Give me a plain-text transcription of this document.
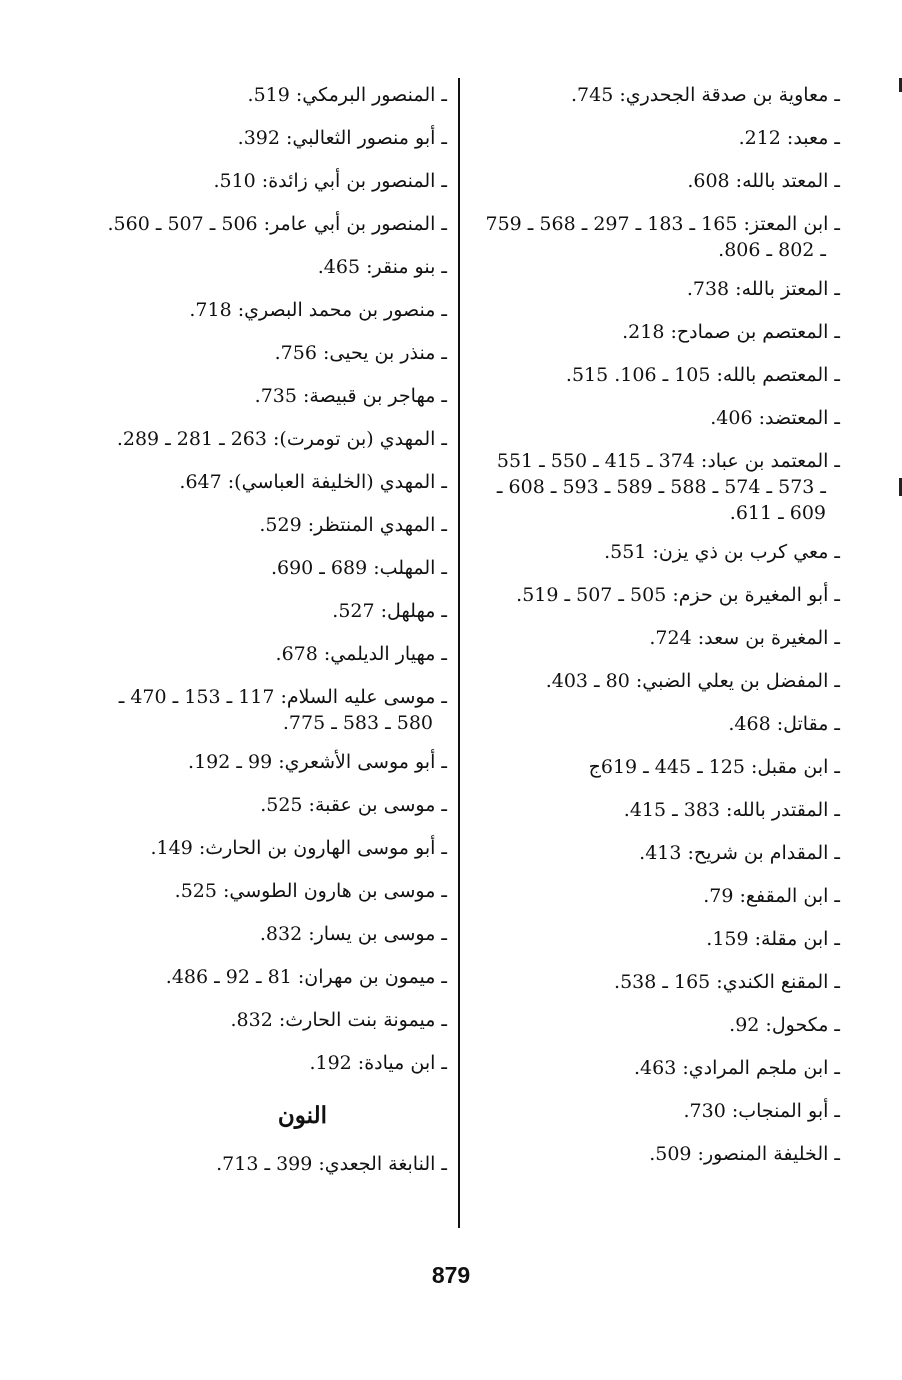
ـ معاوية بن صدقة الجحدري: 745.
ـ معبد: 212.
ـ المعتد بالله: 608.
ـ ابن المعتز: 165 ـ 183 ـ 297 ـ 568 ـ 759
ـ 802 ـ 806.
ـ المعتز بالله: 738.
ـ المعتصم بن صمادح: 218.
ـ المعتصم بالله: 105 ـ 106. 515.
ـ المعتضد: 406.
ـ المعتمد بن عباد: 374 ـ 415 ـ 550 ـ 551
ـ 573 ـ 574 ـ 588 ـ 589 ـ 593 ـ 608 ـ 609 ـ 611.
ـ معي كرب بن ذي يزن: 551.
ـ أبو المغيرة بن حزم: 505 ـ 507 ـ 519.
ـ المغيرة بن سعد: 724.
ـ المفضل بن يعلي الضبي: 80 ـ 403.
ـ مقاتل: 468.
ـ ابن مقبل: 125 ـ 445 ـ 619ج
ـ المقتدر بالله: 383 ـ 415.
ـ المقدام بن شريح: 413.
ـ ابن المقفع: 79.
ـ ابن مقلة: 159.
ـ المقنع الكندي: 165 ـ 538.
ـ مكحول: 92.
ـ ابن ملجم المرادي: 463.
ـ أبو المنجاب: 730.
ـ الخليفة المنصور: 509.
ـ المنصور البرمكي: 519.
ـ أبو منصور الثعالبي: 392.
ـ المنصور بن أبي زائدة: 510.
ـ المنصور بن أبي عامر: 506 ـ 507 ـ 560.
ـ بنو منقر: 465.
ـ منصور بن محمد البصري: 718.
ـ منذر بن يحيى: 756.
ـ مهاجر بن قبيصة: 735.
ـ المهدي (بن تومرت): 263 ـ 281 ـ 289.
ـ المهدي (الخليفة العباسي): 647.
ـ المهدي المنتظر: 529.
ـ المهلب: 689 ـ 690.
ـ مهلهل: 527.
ـ مهيار الديلمي: 678.
ـ موسى عليه السلام: 117 ـ 153 ـ 470 ـ
580 ـ 583 ـ 775.
ـ أبو موسى الأشعري: 99 ـ 192.
ـ موسى بن عقبة: 525.
ـ أبو موسى الهارون بن الحارث: 149.
ـ موسى بن هارون الطوسي: 525.
ـ موسى بن يسار: 832.
ـ ميمون بن مهران: 81 ـ 92 ـ 486.
ـ ميمونة بنت الحارث: 832.
ـ ابن ميادة: 192.
النون
ـ النابغة الجعدي: 399 ـ 713.
879
